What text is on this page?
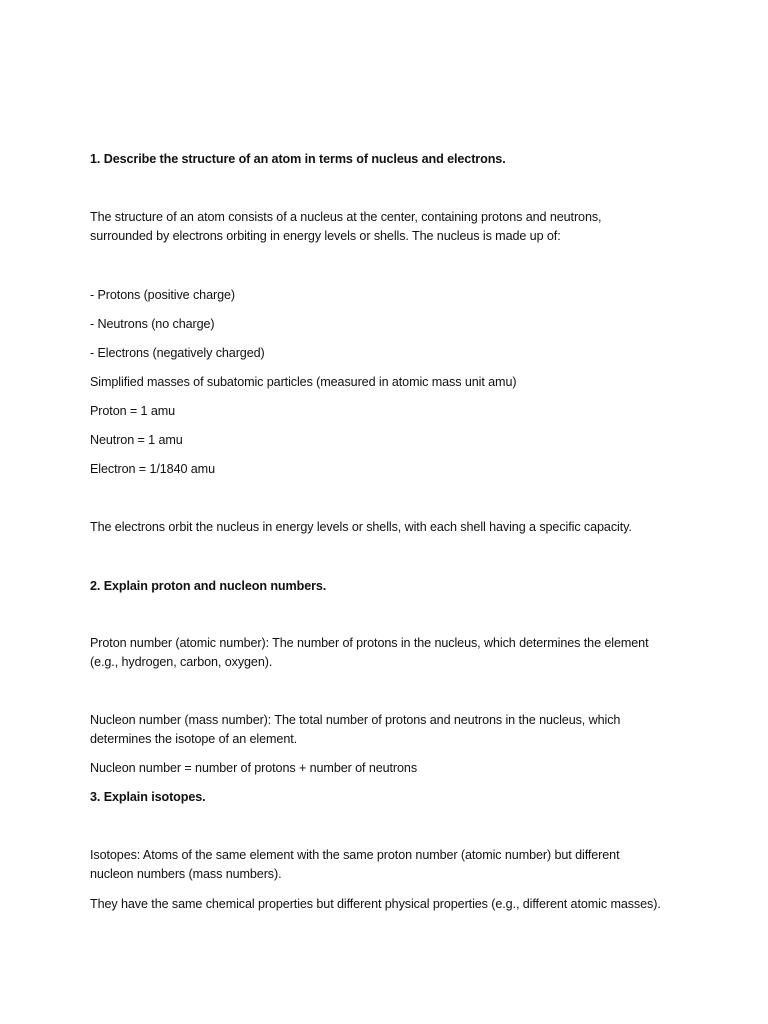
1. Describe the structure of an atom in terms of nucleus and electrons.
The structure of an atom consists of a nucleus at the center, containing protons and neutrons,
surrounded by electrons orbiting in energy levels or shells. The nucleus is made up of:
- Protons (positive charge)
- Neutrons (no charge)
- Electrons (negatively charged)
Simplified masses of subatomic particles (measured in atomic mass unit amu)
Proton = 1 amu
Neutron = 1 amu
Electron = 1/1840 amu
The electrons orbit the nucleus in energy levels or shells, with each shell having a specific capacity.
2. Explain proton and nucleon numbers.
Proton number (atomic number): The number of protons in the nucleus, which determines the element
(e.g., hydrogen, carbon, oxygen).
Nucleon number (mass number): The total number of protons and neutrons in the nucleus, which
determines the isotope of an element.
Nucleon number = number of protons + number of neutrons
3. Explain isotopes.
Isotopes: Atoms of the same element with the same proton number (atomic number) but different
nucleon numbers (mass numbers).
They have the same chemical properties but different physical properties (e.g., different atomic masses).
